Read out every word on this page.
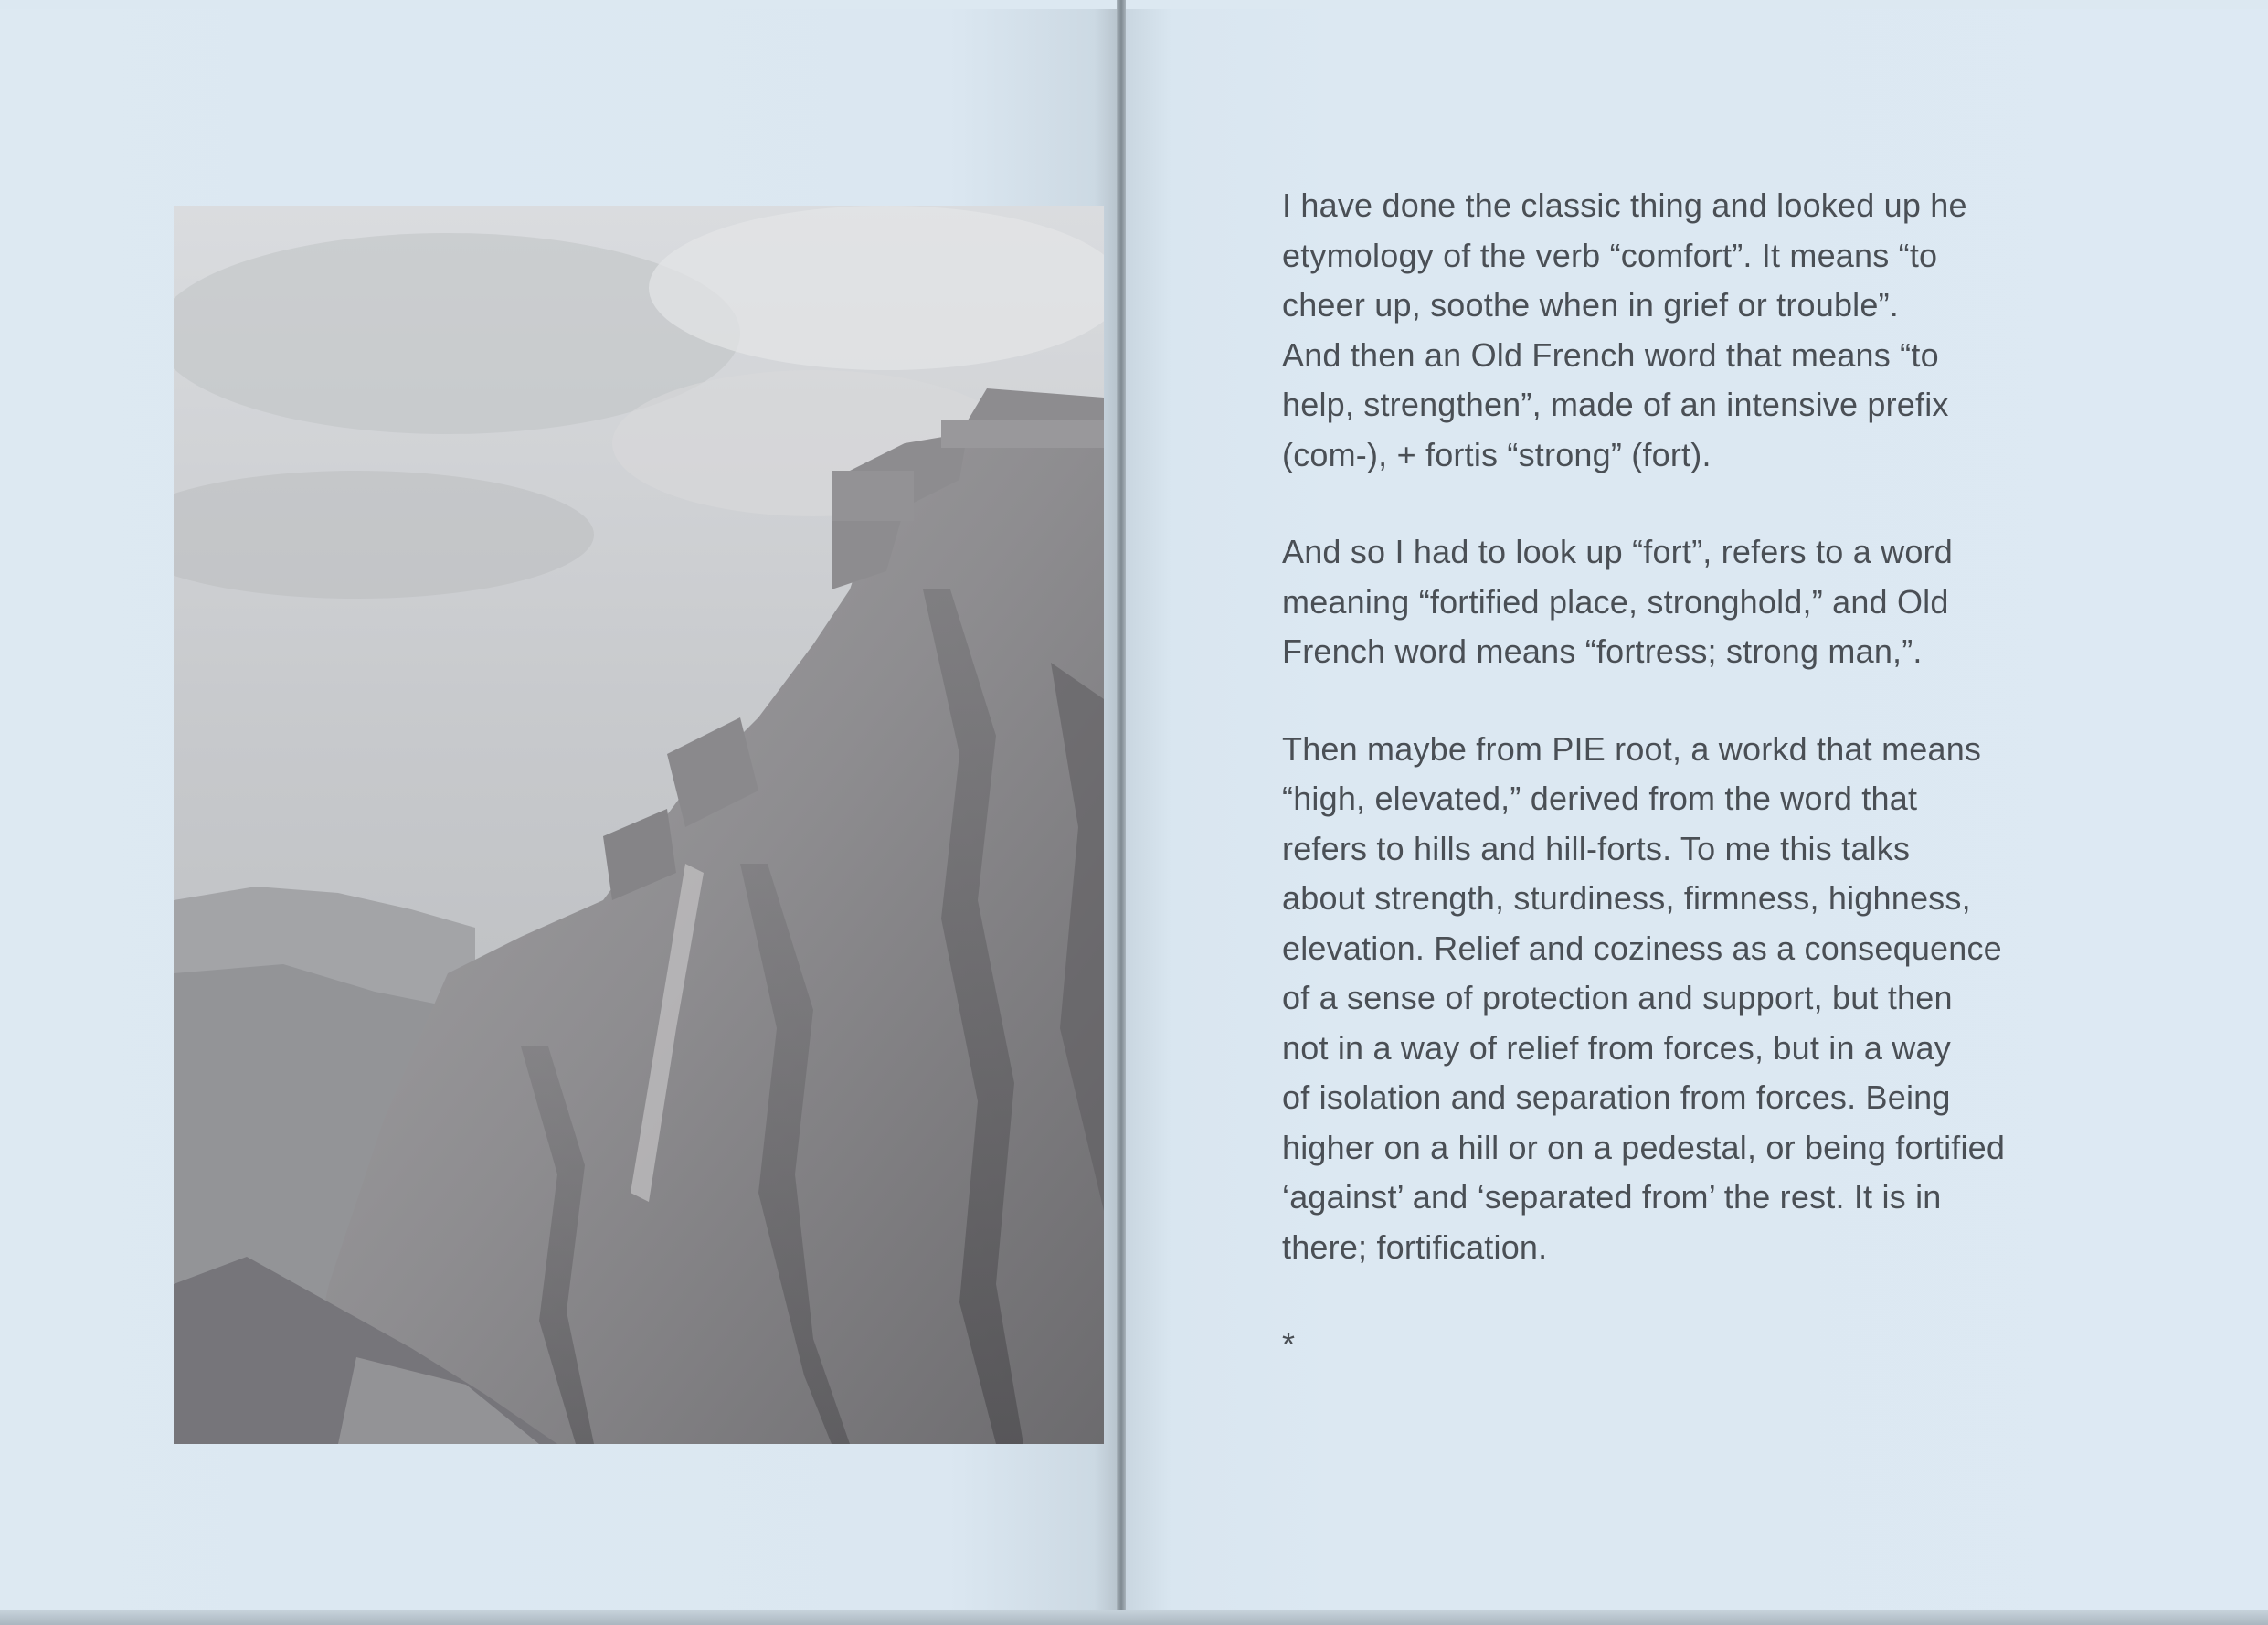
I have done the classic thing and looked up he
etymology of the verb “comfort”. It means “to
cheer up, soothe when in grief or trouble”.
And then an Old French word that means “to
help, strengthen”, made of an intensive prefix
(com-), + fortis “strong” (fort).

And so I had to look up “fort”, refers to a word
meaning “fortified place, stronghold,” and Old
French word means “fortress; strong man,”.

Then maybe from PIE root, a workd that means
“high, elevated,” derived from the word that
refers to hills and hill-forts. To me this talks
about strength, sturdiness, firmness, highness,
elevation. Relief and coziness as a consequence
of a sense of protection and support, but then
not in a way of relief from forces, but in a way
of isolation and separation from forces. Being
higher on a hill or on a pedestal, or being fortified
‘against’ and ‘separated from’ the rest. It is in
there; fortification.

*
